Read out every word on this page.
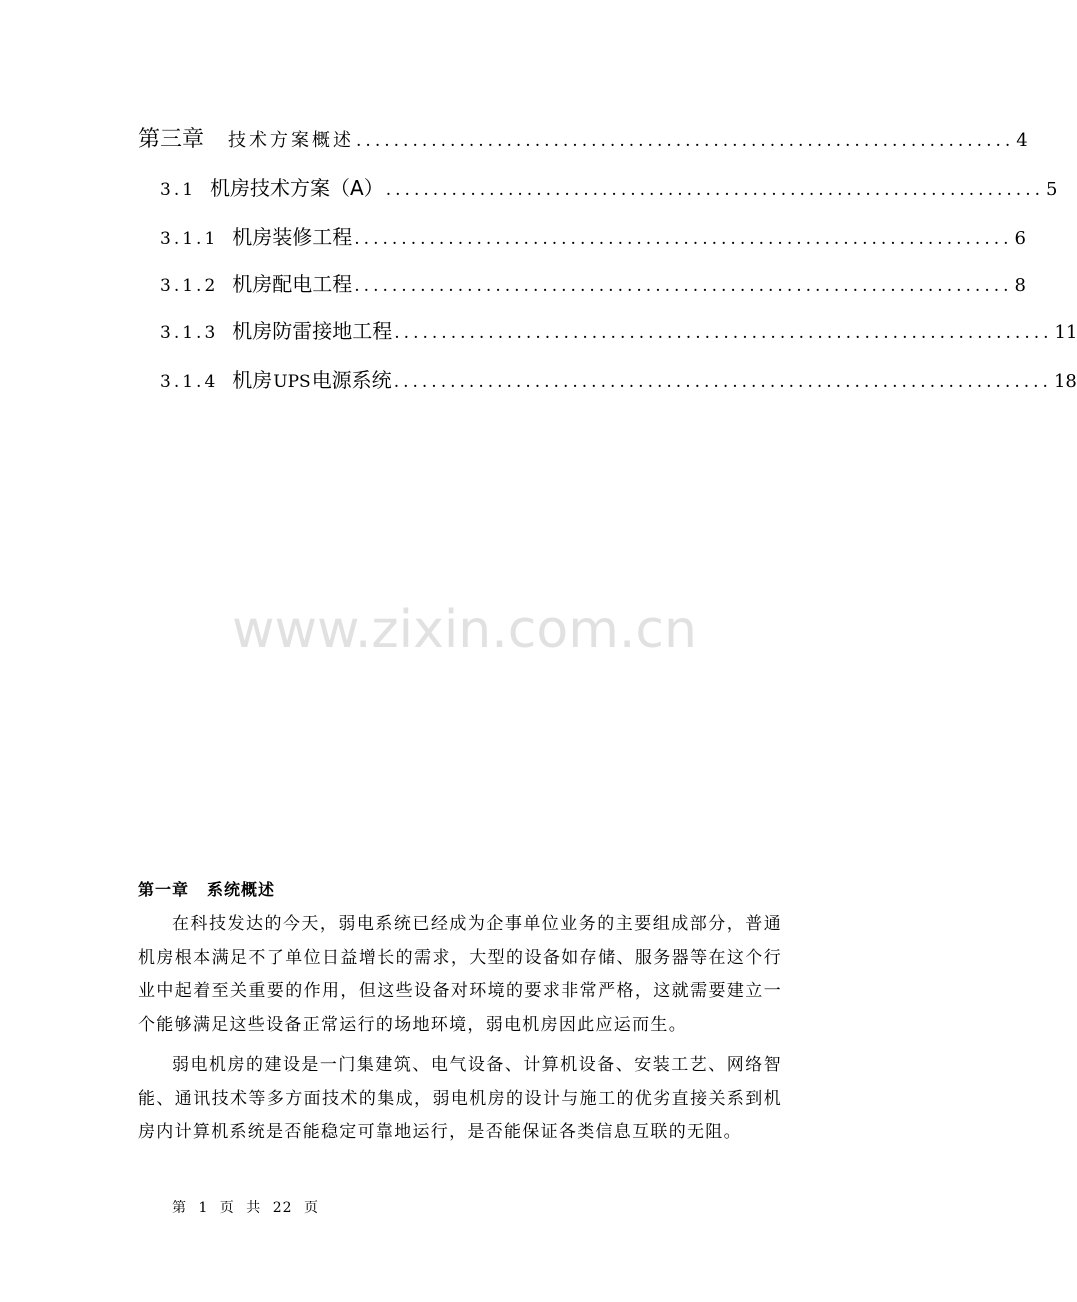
第三章 技术方案概述 ...................................................................... 4
3.1 机房技术方案（A） ...................................................................... 5
3.1.1 机房装修工程 ...................................................................... 6
3.1.2 机房配电工程 ...................................................................... 8
3.1.3 机房防雷接地工程 ...................................................................... 11
3.1.4 机房 UPS 电源系统 ...................................................................... 18
www.zixin.com.cn
第一章 系统概述

在科技发达的今天，弱电系统已经成为企事单位业务的主要组成部分，普通机房根本满足不了单位日益增长的需求，大型的设备如存储、服务器等在这个行业中起着至关重要的作用，但这些设备对环境的要求非常严格，这就需要建立一个能够满足这些设备正常运行的场地环境，弱电机房因此应运而生。

弱电机房的建设是一门集建筑、电气设备、计算机设备、安装工艺、网络智能、通讯技术等多方面技术的集成，弱电机房的设计与施工的优劣直接关系到机房内计算机系统是否能稳定可靠地运行，是否能保证各类信息互联的无阻。

第 1 页 共 22 页
